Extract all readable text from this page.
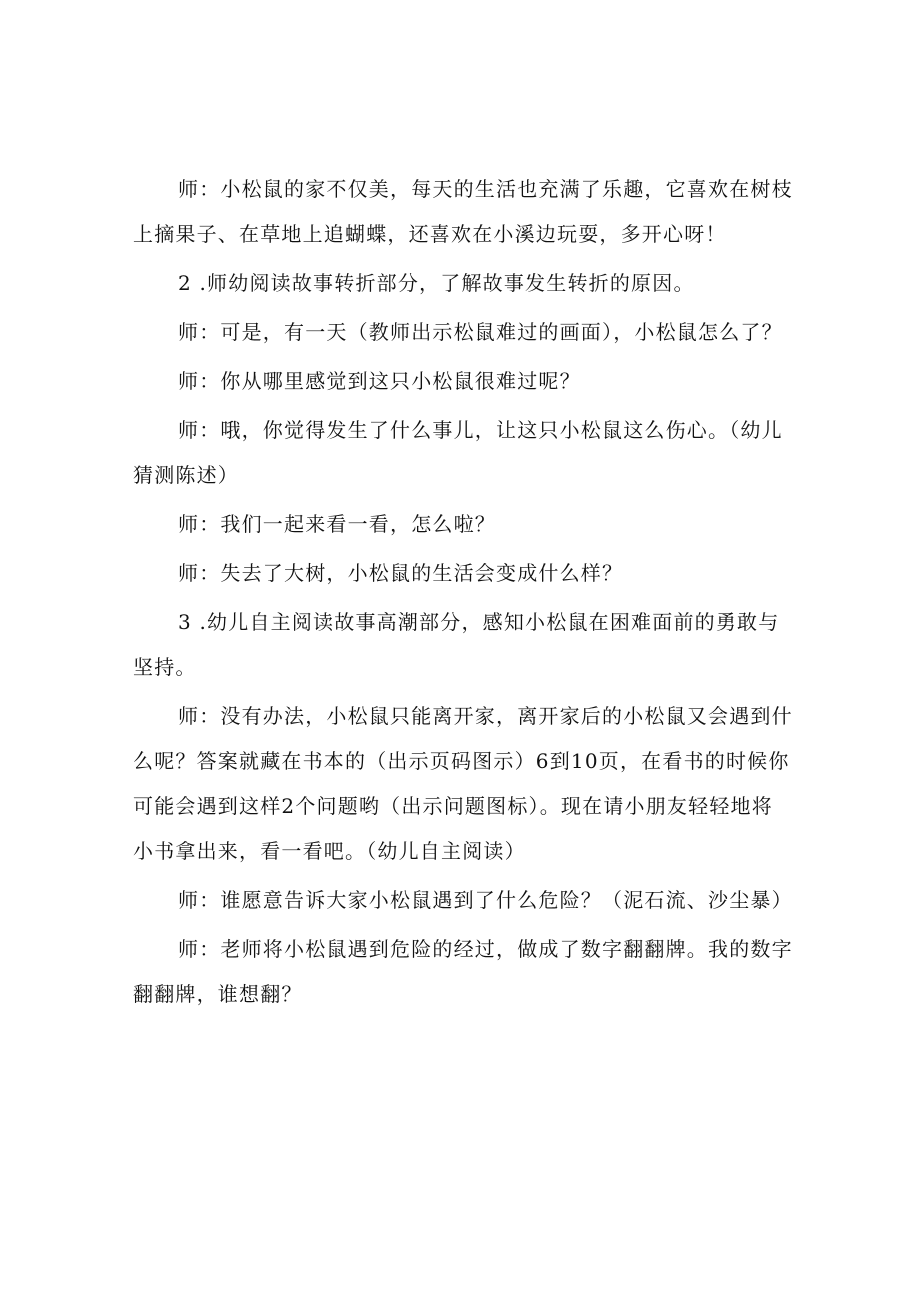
师：小松鼠的家不仅美，每天的生活也充满了乐趣，它喜欢在树枝上摘果子、在草地上追蝴蝶，还喜欢在小溪边玩耍，多开心呀！

2 .师幼阅读故事转折部分，了解故事发生转折的原因。

师：可是，有一天（教师出示松鼠难过的画面），小松鼠怎么了？

师：你从哪里感觉到这只小松鼠很难过呢？

师：哦，你觉得发生了什么事儿，让这只小松鼠这么伤心。（幼儿猜测陈述）

师：我们一起来看一看，怎么啦？

师：失去了大树，小松鼠的生活会变成什么样？

3 .幼儿自主阅读故事高潮部分，感知小松鼠在困难面前的勇敢与坚持。

师：没有办法，小松鼠只能离开家，离开家后的小松鼠又会遇到什么呢？答案就藏在书本的（出示页码图示）6到10页，在看书的时候你可能会遇到这样2个问题哟（出示问题图标）。现在请小朋友轻轻地将小书拿出来，看一看吧。（幼儿自主阅读）

师：谁愿意告诉大家小松鼠遇到了什么危险？（泥石流、沙尘暴）

师：老师将小松鼠遇到危险的经过，做成了数字翻翻牌。我的数字翻翻牌，谁想翻？
